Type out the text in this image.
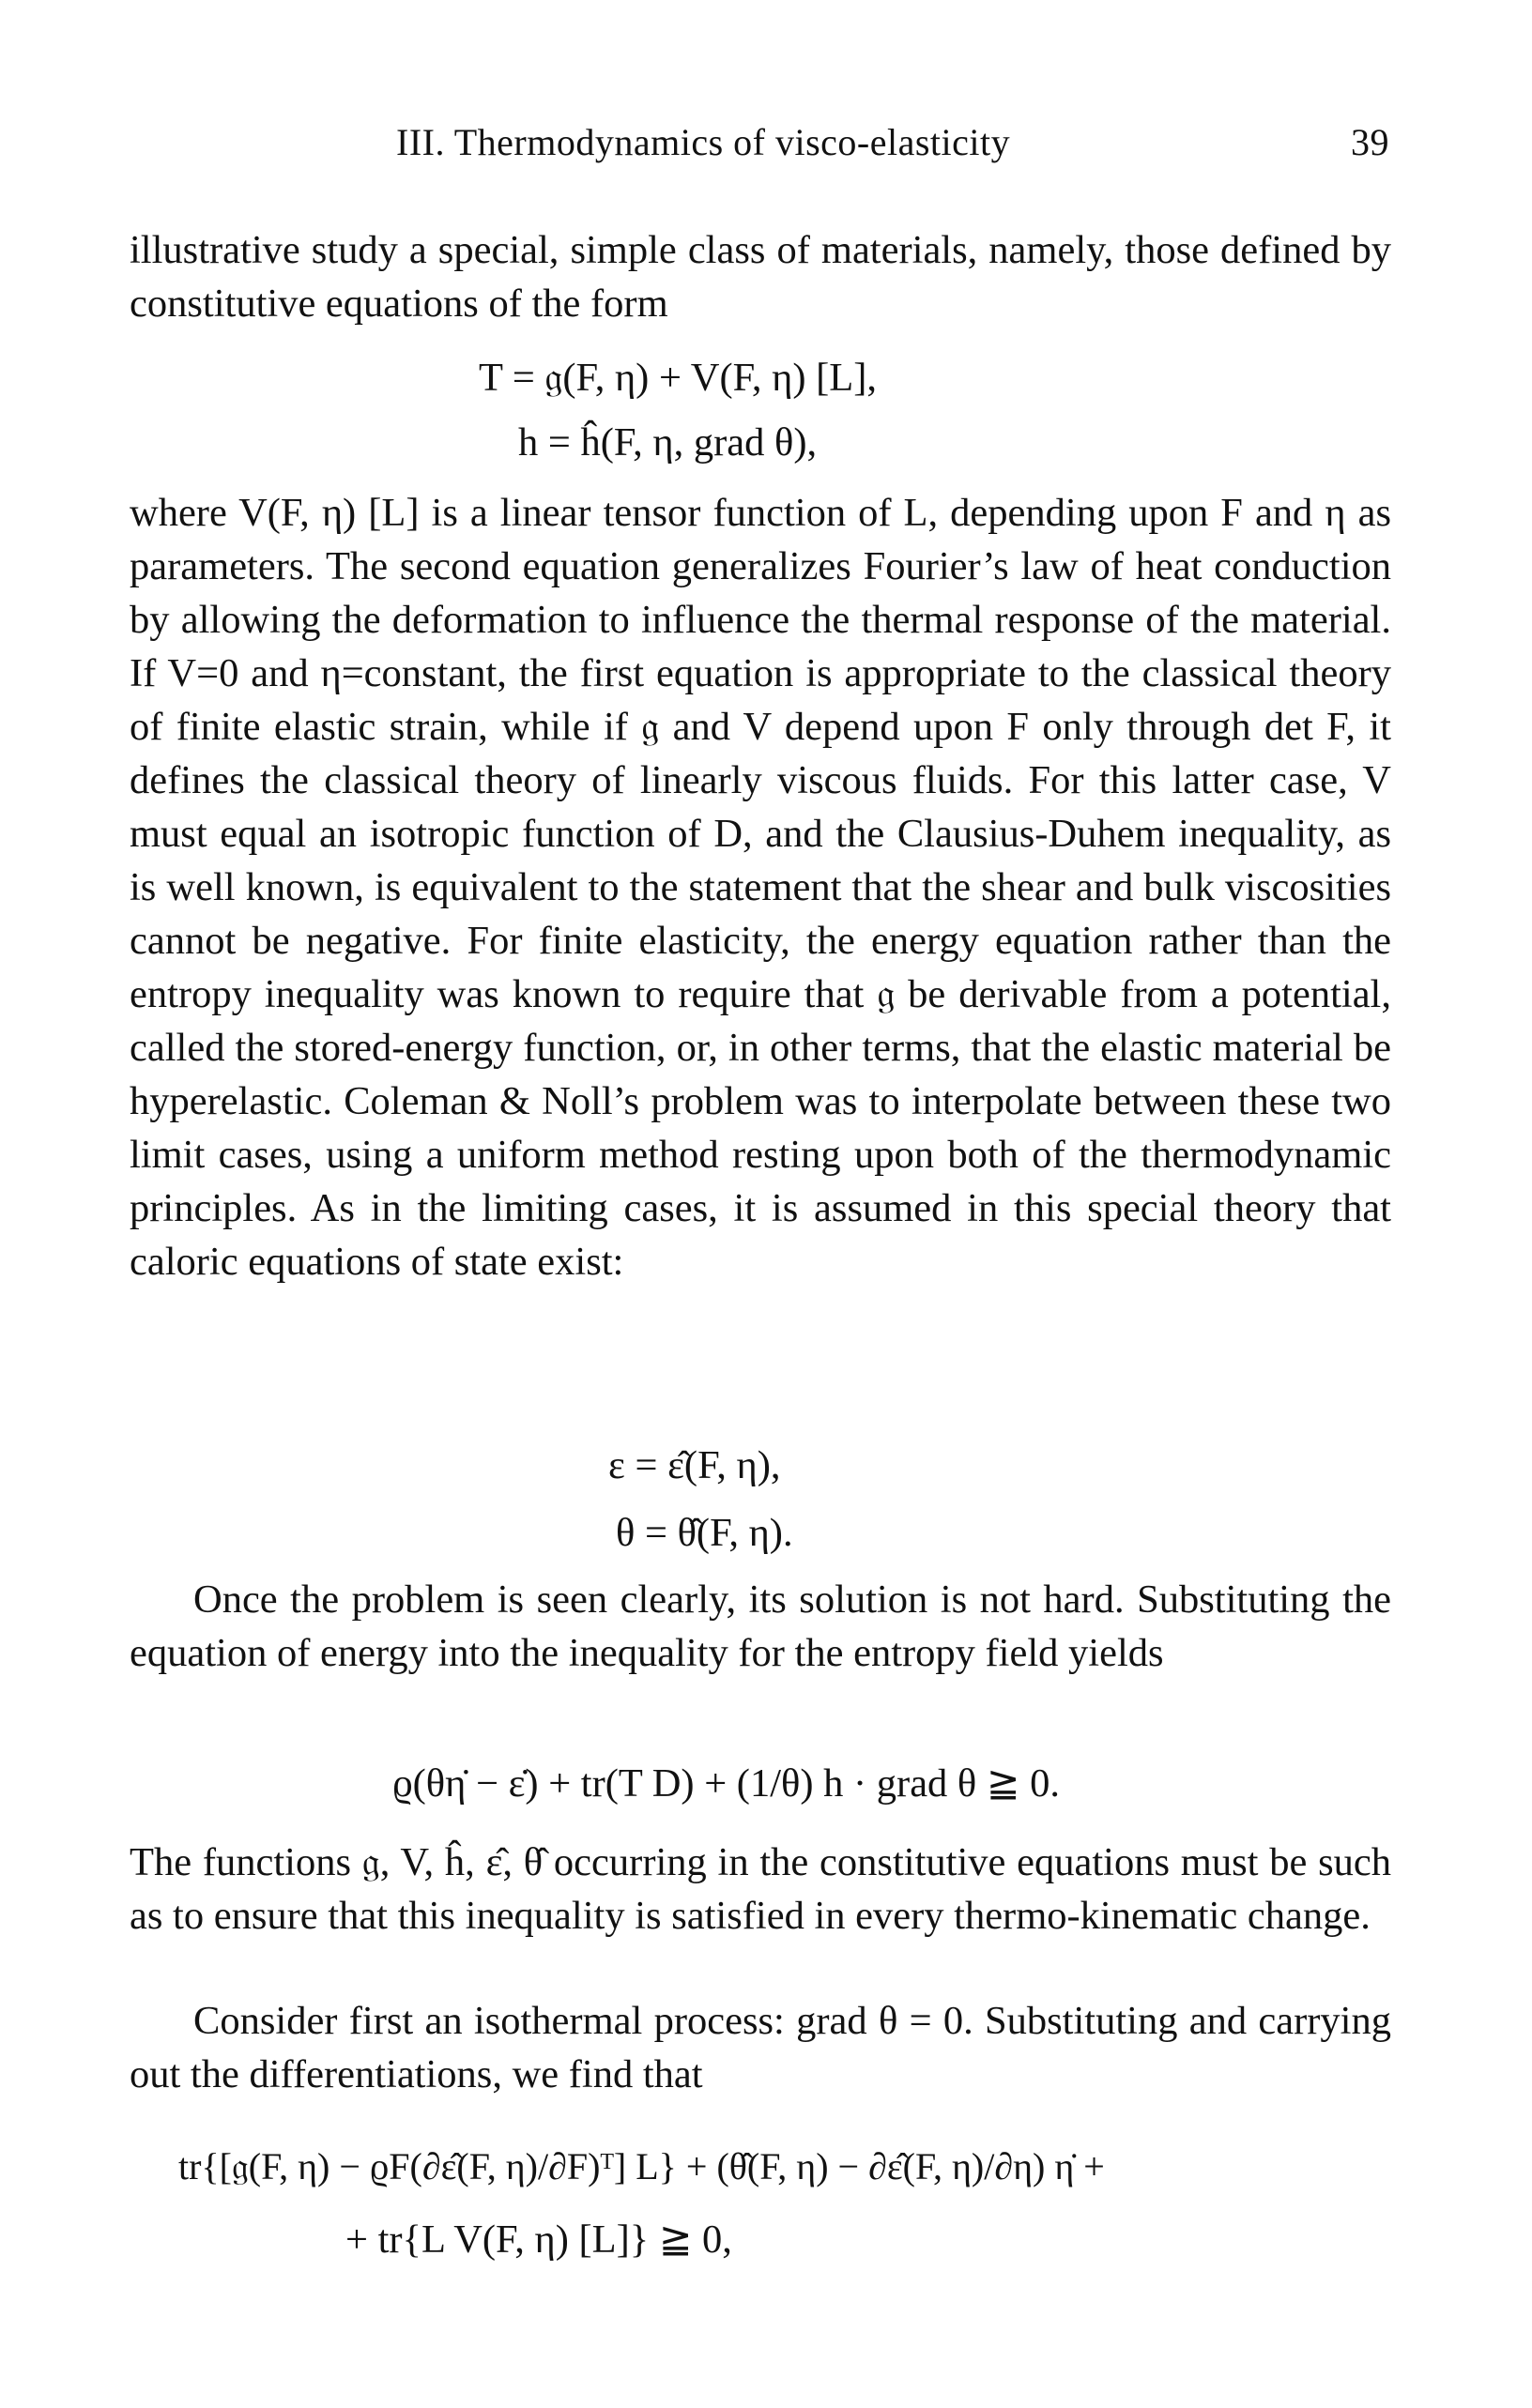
III. Thermodynamics of visco-elasticity	39

illustrative study a special, simple class of materials, namely, those defined by constitutive equations of the form

T = 𝔤(F, η) + V(F, η) [L],
h = ĥ(F, η, grad θ),

where V(F, η) [L] is a linear tensor function of L, depending upon F and η as parameters. The second equation generalizes Fourier’s law of heat conduction by allowing the deformation to influence the thermal response of the material. If V=0 and η=constant, the first equation is appropriate to the classical theory of finite elastic strain, while if 𝔤 and V depend upon F only through det F, it defines the classical theory of linearly viscous fluids. For this latter case, V must equal an isotropic function of D, and the Clausius-Duhem inequality, as is well known, is equivalent to the statement that the shear and bulk viscosities cannot be negative. For finite elasticity, the energy equation rather than the entropy inequality was known to require that 𝔤 be derivable from a potential, called the stored-energy function, or, in other terms, that the elastic material be hyperelastic. Coleman & Noll’s problem was to interpolate between these two limit cases, using a uniform method resting upon both of the thermodynamic principles. As in the limiting cases, it is assumed in this special theory that caloric equations of state exist:

ε = ε̂(F, η),
θ = θ̂(F, η).

Once the problem is seen clearly, its solution is not hard. Substituting the equation of energy into the inequality for the entropy field yields

ϱ(θη̇ − ε̇) + tr(T D) + (1/θ) h · grad θ ≧ 0.

The functions 𝔤, V, ĥ, ε̂, θ̂ occurring in the constitutive equations must be such as to ensure that this inequality is satisfied in every thermo-kinematic change.

Consider first an isothermal process: grad θ = 0. Substituting and carrying out the differentiations, we find that

tr{[𝔤(F, η) − ϱF(∂ε̂(F, η)/∂F)ᵀ] L} + (θ̂(F, η) − ∂ε̂(F, η)/∂η) η̇ +
+ tr{L V(F, η) [L]} ≧ 0,
